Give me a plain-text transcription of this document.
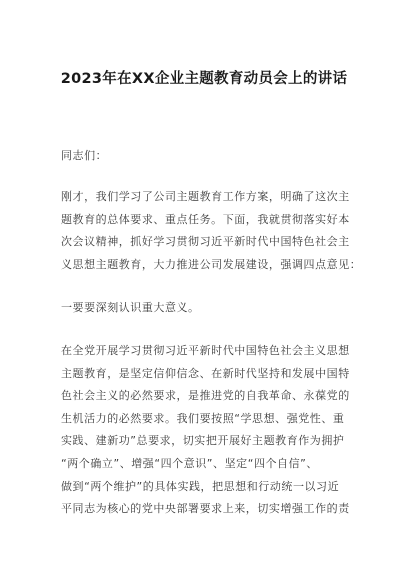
2023年在XX企业主题教育动员会上的讲话
同志们：
刚才，我们学习了公司主题教育工作方案，明确了这次主
题教育的总体要求、重点任务。下面，我就贯彻落实好本
次会议精神，抓好学习贯彻习近平新时代中国特色社会主
义思想主题教育，大力推进公司发展建设，强调四点意见：
一要要深刻认识重大意义。
在全党开展学习贯彻习近平新时代中国特色社会主义思想
主题教育，是坚定信仰信念、在新时代坚持和发展中国特
色社会主义的必然要求，是推进党的自我革命、永葆党的
生机活力的必然要求。我们要按照“学思想、强党性、重
实践、建新功”总要求，切实把开展好主题教育作为拥护
“两个确立”、增强“四个意识”、坚定“四个自信”、
做到“两个维护”的具体实践，把思想和行动统一以习近
平同志为核心的党中央部署要求上来，切实增强工作的责
